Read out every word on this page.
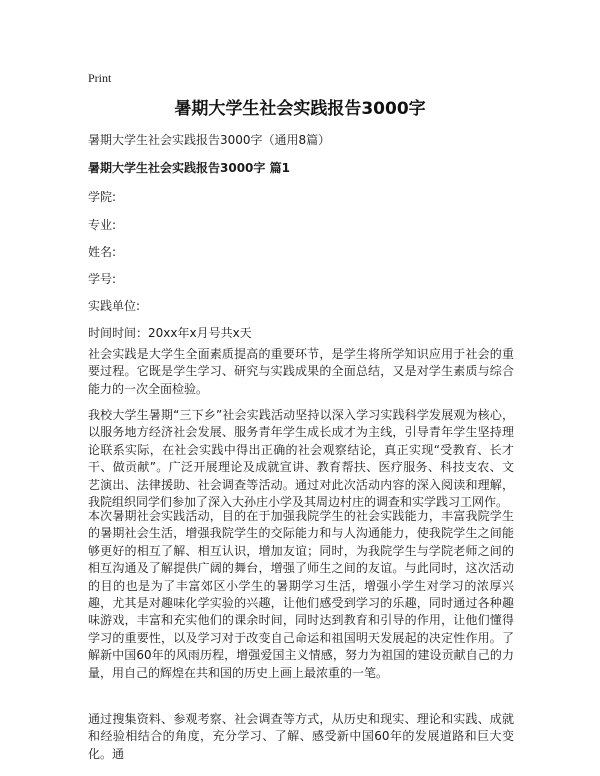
Print
暑期大学生社会实践报告3000字
暑期大学生社会实践报告3000字（通用8篇）
暑期大学生社会实践报告3000字 篇1
学院:
专业:
姓名:
学号:
实践单位:
时间时间：20xx年x月号共x天
社会实践是大学生全面素质提高的重要环节，是学生将所学知识应用于社会的重要过程。它既是学生学习、研究与实践成果的全面总结，又是对学生素质与综合能力的一次全面检验。
我校大学生暑期“三下乡”社会实践活动坚持以深入学习实践科学发展观为核心，以服务地方经济社会发展、服务青年学生成长成才为主线，引导青年学生坚持理论联系实际，在社会实践中得出正确的社会观察结论，真正实现“受教育、长才干、做贡献”。广泛开展理论及成就宣讲、教育帮扶、医疗服务、科技支农、文艺演出、法律援助、社会调查等活动。通过对此次活动内容的深入阅读和理解，我院组织同学们参加了深入大孙庄小学及其周边村庄的调查和实学践习工网作。
本次暑期社会实践活动，目的在于加强我院学生的社会实践能力，丰富我院学生的暑期社会生活，增强我院学生的交际能力和与人沟通能力，使我院学生之间能够更好的相互了解、相互认识，增加友谊；同时，为我院学生与学院老师之间的相互沟通及了解提供广阔的舞台，增强了师生之间的友谊。与此同时，这次活动的目的也是为了丰富郊区小学生的暑期学习生活，增强小学生对学习的浓厚兴趣，尤其是对趣味化学实验的兴趣，让他们感受到学习的乐趣，同时通过各种趣味游戏，丰富和充实他们的课余时间，同时达到教育和引导的作用，让他们懂得学习的重要性，以及学习对于改变自己命运和祖国明天发展起的决定性作用。了解新中国60年的风雨历程，增强爱国主义情感，努力为祖国的建设贡献自己的力量，用自己的辉煌在共和国的历史上画上最浓重的一笔。
通过搜集资料、参观考察、社会调查等方式，从历史和现实、理论和实践、成就和经验相结合的角度，充分学习、了解、感受新中国60年的发展道路和巨大变化。通
